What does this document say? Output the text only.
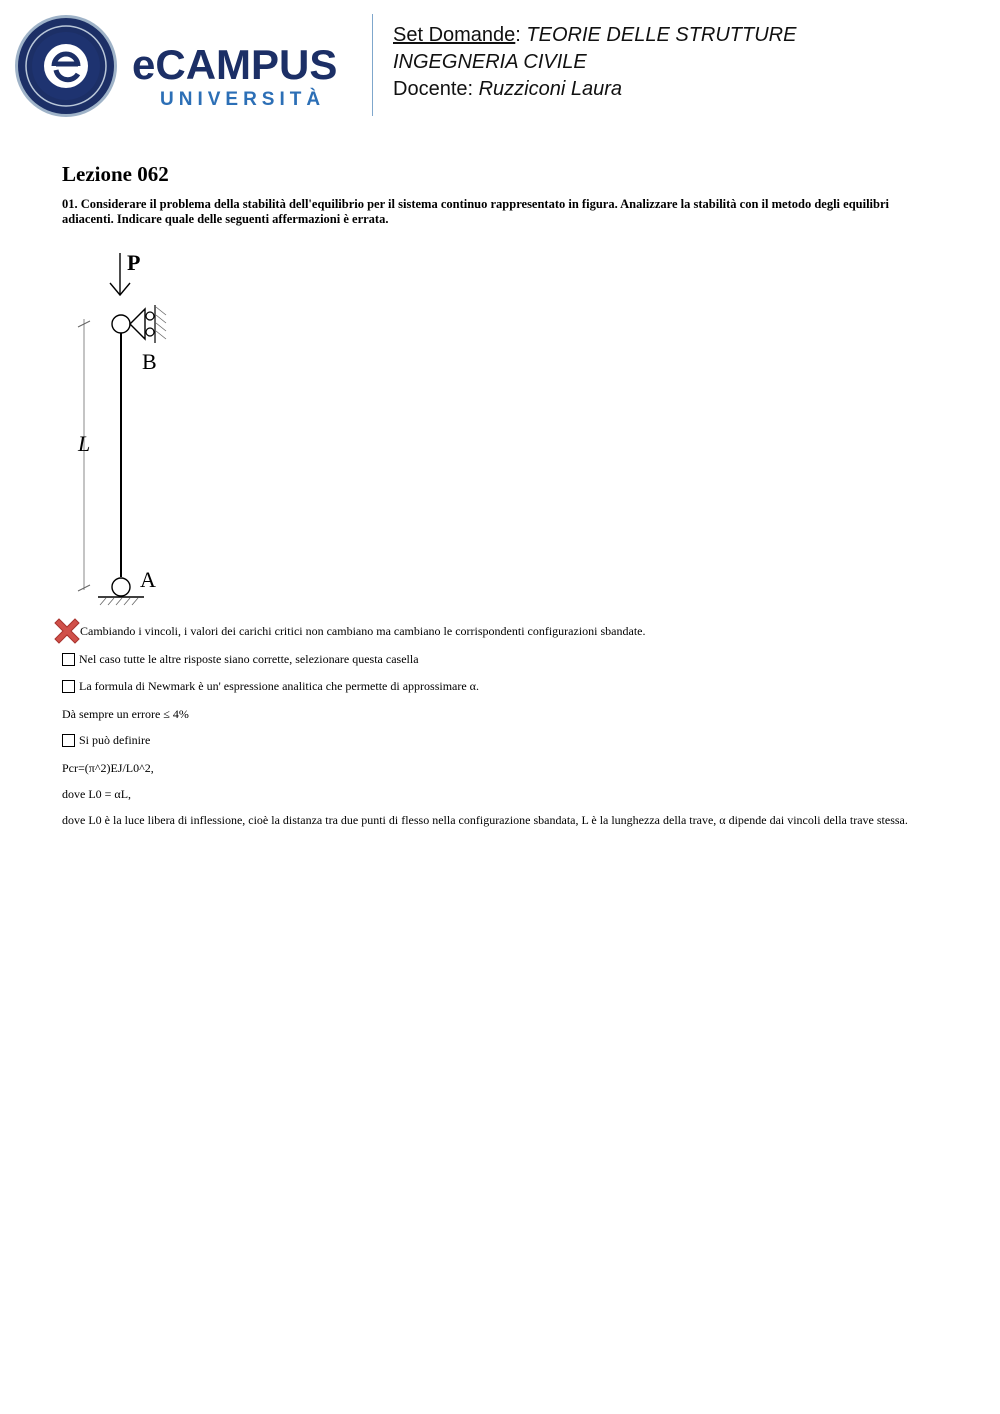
eCAMPUS
UNIVERSITÀ
Set Domande: TEORIE DELLE STRUTTURE
INGEGNERIA CIVILE
Docente: Ruzziconi Laura
Lezione 062
01. Considerare il problema della stabilità dell'equilibrio per il sistema continuo rappresentato in figura. Analizzare la stabilità con il metodo degli equilibri adiacenti. Indicare quale delle seguenti affermazioni è errata.
P
L
B
A
Cambiando i vincoli, i valori dei carichi critici non cambiano ma cambiano le corrispondenti configurazioni sbandate.
Nel caso tutte le altre risposte siano corrette, selezionare questa casella
La formula di Newmark è un' espressione analitica che permette di approssimare α.
Dà sempre un errore ≤ 4%
Si può definire
Pcr=(π^2)EJ/L0^2,
dove L0 = αL,
dove L0 è la luce libera di inflessione, cioè la distanza tra due punti di flesso nella configurazione sbandata, L è la lunghezza della trave, α dipende dai vincoli della trave stessa.
